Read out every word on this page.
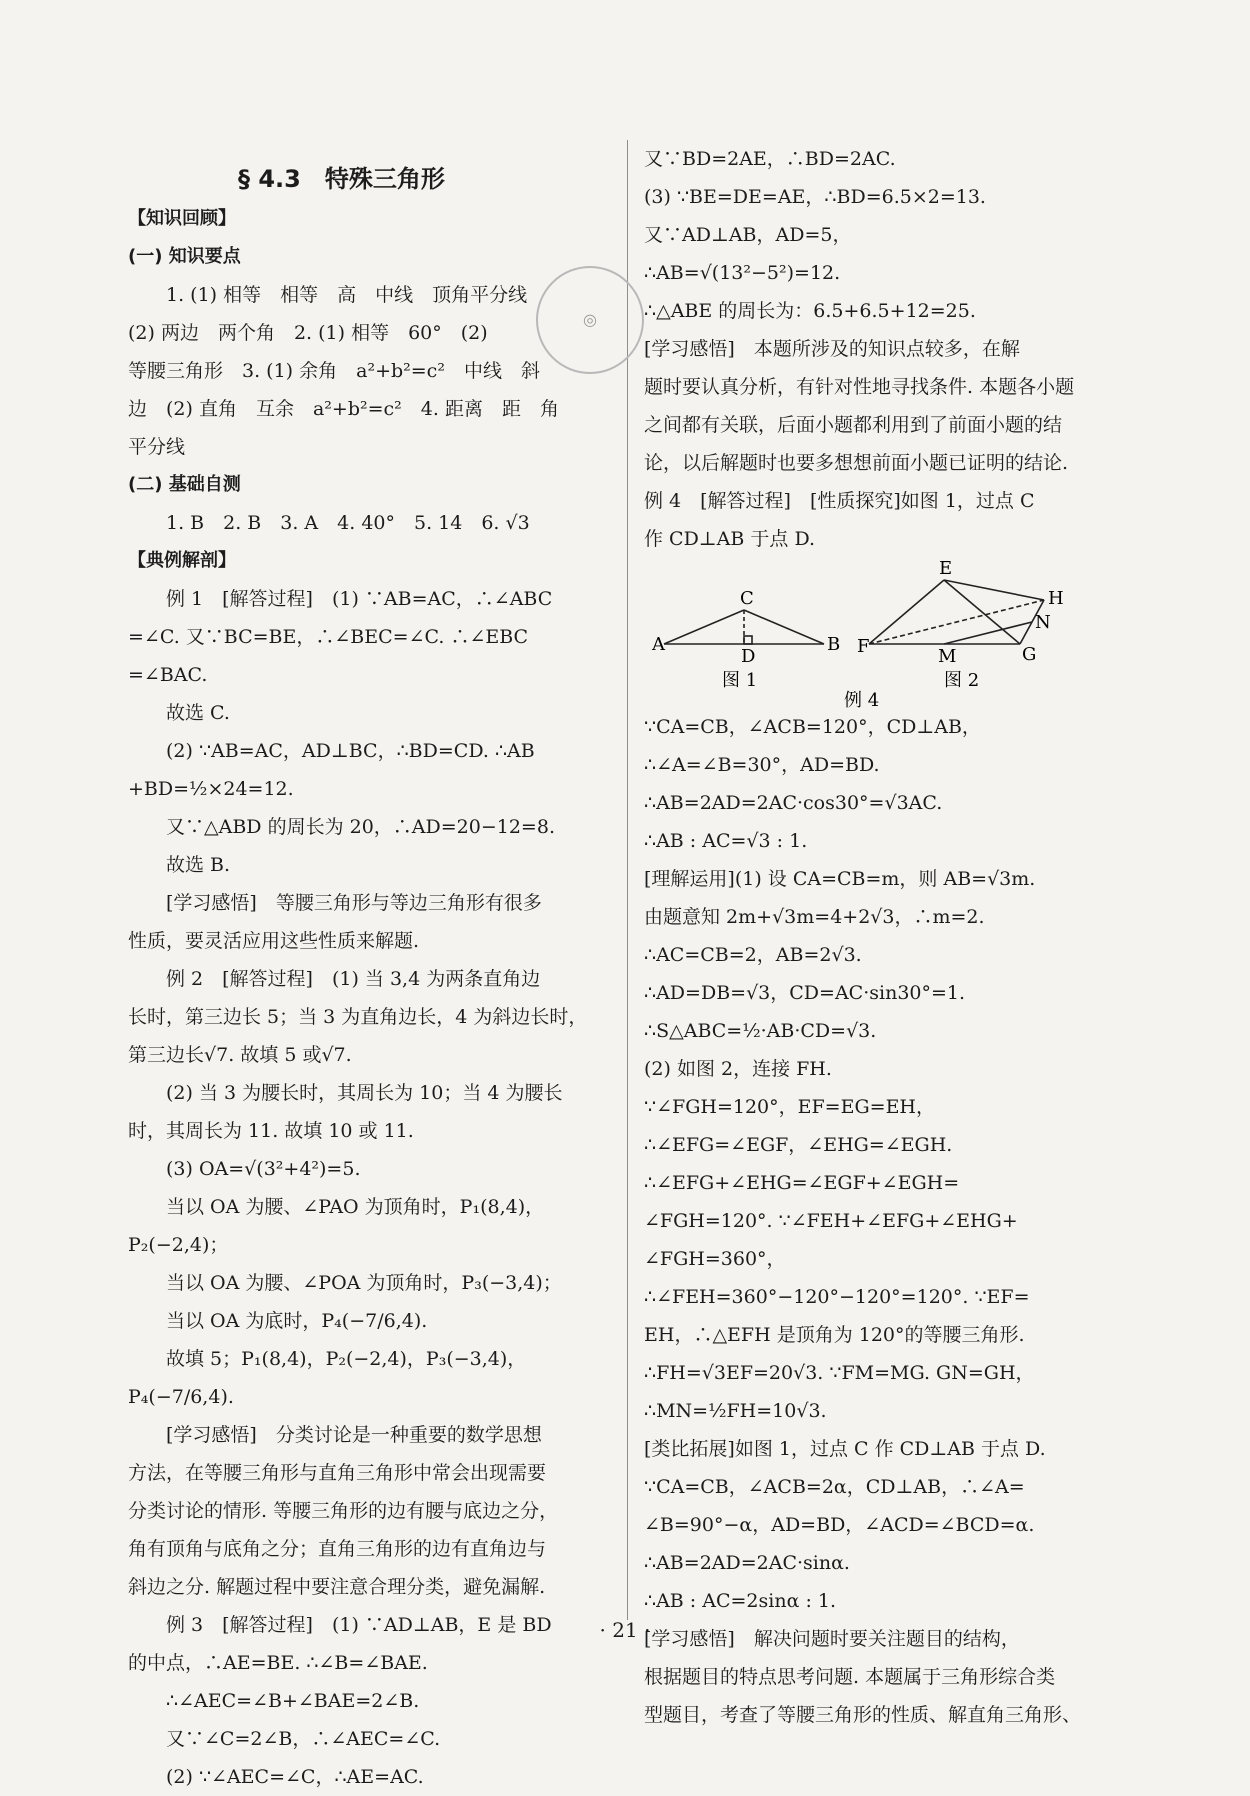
§ 4.3　特殊三角形

【知识回顾】

(一) 知识要点

1. (1) 相等　相等　高　中线　顶角平分线

(2) 两边　两个角　2. (1) 相等　60°　(2)

等腰三角形　3. (1) 余角　a²+b²=c²　中线　斜

边　(2) 直角　互余　a²+b²=c²　4. 距离　距　角

平分线

(二) 基础自测

1. B　2. B　3. A　4. 40°　5. 14　6. √3

【典例解剖】

例 1　[解答过程]　(1) ∵AB=AC，∴∠ABC

=∠C. 又∵BC=BE，∴∠BEC=∠C. ∴∠EBC

=∠BAC.

故选 C.

(2) ∵AB=AC，AD⊥BC，∴BD=CD. ∴AB

+BD=½×24=12.

又∵△ABD 的周长为 20，∴AD=20−12=8.

故选 B.

[学习感悟]　等腰三角形与等边三角形有很多

性质，要灵活应用这些性质来解题.

例 2　[解答过程]　(1) 当 3,4 为两条直角边

长时，第三边长 5；当 3 为直角边长，4 为斜边长时，

第三边长√7. 故填 5 或√7.

(2) 当 3 为腰长时，其周长为 10；当 4 为腰长

时，其周长为 11. 故填 10 或 11.

(3) OA=√(3²+4²)=5.

当以 OA 为腰、∠PAO 为顶角时，P₁(8,4)，

P₂(−2,4)；

当以 OA 为腰、∠POA 为顶角时，P₃(−3,4)；

当以 OA 为底时，P₄(−7/6,4).

故填 5；P₁(8,4)，P₂(−2,4)，P₃(−3,4)，

P₄(−7/6,4).

[学习感悟]　分类讨论是一种重要的数学思想

方法，在等腰三角形与直角三角形中常会出现需要

分类讨论的情形. 等腰三角形的边有腰与底边之分，

角有顶角与底角之分；直角三角形的边有直角边与

斜边之分. 解题过程中要注意合理分类，避免漏解.

例 3　[解答过程]　(1) ∵AD⊥AB，E 是 BD

的中点，∴AE=BE. ∴∠B=∠BAE.

∴∠AEC=∠B+∠BAE=2∠B.

又∵∠C=2∠B，∴∠AEC=∠C.

(2) ∵∠AEC=∠C，∴AE=AC.

又∵BD=2AE，∴BD=2AC.

(3) ∵BE=DE=AE，∴BD=6.5×2=13.

又∵AD⊥AB，AD=5，

∴AB=√(13²−5²)=12.

∴△ABE 的周长为：6.5+6.5+12=25.

[学习感悟]　本题所涉及的知识点较多，在解

题时要认真分析，有针对性地寻找条件. 本题各小题

之间都有关联，后面小题都利用到了前面小题的结

论，以后解题时也要多想想前面小题已证明的结论.

例 4　[解答过程]　[性质探究]如图 1，过点 C

作 CD⊥AB 于点 D.

A	B
C
D
图 1
E
H
N
G
M
F
图 2
例 4

∵CA=CB，∠ACB=120°，CD⊥AB，

∴∠A=∠B=30°，AD=BD.

∴AB=2AD=2AC·cos30°=√3AC.

∴AB : AC=√3 : 1.

[理解运用](1) 设 CA=CB=m，则 AB=√3m.

由题意知 2m+√3m=4+2√3，∴m=2.

∴AC=CB=2，AB=2√3.

∴AD=DB=√3，CD=AC·sin30°=1.

∴S△ABC=½·AB·CD=√3.

(2) 如图 2，连接 FH.

∵∠FGH=120°，EF=EG=EH，

∴∠EFG=∠EGF，∠EHG=∠EGH.

∴∠EFG+∠EHG=∠EGF+∠EGH=

∠FGH=120°. ∵∠FEH+∠EFG+∠EHG+

∠FGH=360°，

∴∠FEH=360°−120°−120°=120°. ∵EF=

EH，∴△EFH 是顶角为 120°的等腰三角形.

∴FH=√3EF=20√3. ∵FM=MG. GN=GH，

∴MN=½FH=10√3.

[类比拓展]如图 1，过点 C 作 CD⊥AB 于点 D.

∵CA=CB，∠ACB=2α，CD⊥AB，∴∠A=

∠B=90°−α，AD=BD，∠ACD=∠BCD=α.

∴AB=2AD=2AC·sinα.

∴AB : AC=2sinα : 1.

[学习感悟]　解决问题时要关注题目的结构，

根据题目的特点思考问题. 本题属于三角形综合类

型题目，考查了等腰三角形的性质、解直角三角形、

◎
· 21 ·
